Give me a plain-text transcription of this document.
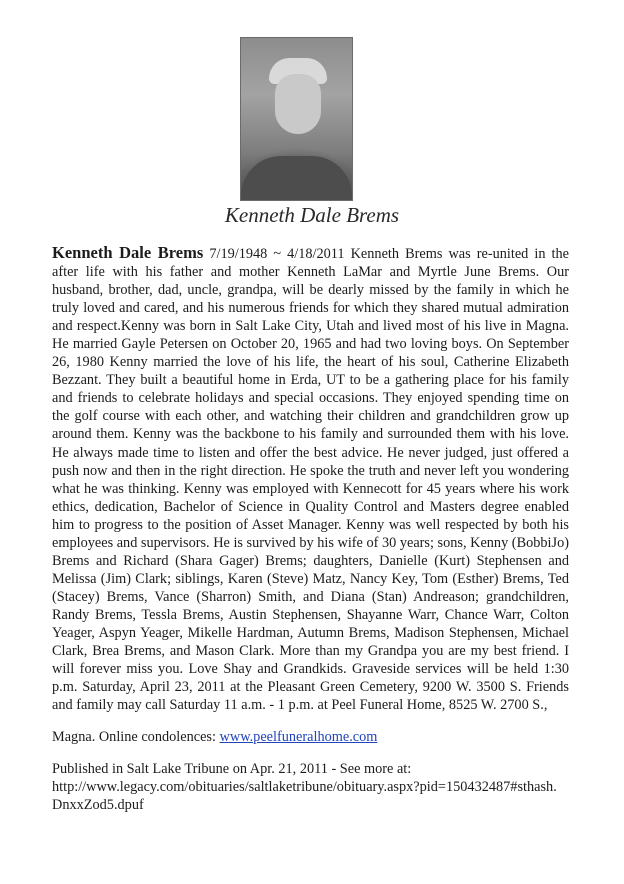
Kenneth Dale Brems
Kenneth Dale Brems 7/19/1948 ~ 4/18/2011 Kenneth Brems was re-united in the after life with his father and mother Kenneth LaMar and Myrtle June Brems. Our husband, brother, dad, uncle, grandpa, will be dearly missed by the family in which he truly loved and cared, and his numerous friends for which they shared mutual admiration and respect.Kenny was born in Salt Lake City, Utah and lived most of his live in Magna. He married Gayle Petersen on October 20, 1965 and had two loving boys. On September 26, 1980 Kenny married the love of his life, the heart of his soul, Catherine Elizabeth Bezzant. They built a beautiful home in Erda, UT to be a gathering place for his family and friends to celebrate holidays and special occasions. They enjoyed spending time on the golf course with each other, and watching their children and grandchildren grow up around them. Kenny was the backbone to his family and surrounded them with his love. He always made time to listen and offer the best advice. He never judged, just offered a push now and then in the right direction. He spoke the truth and never left you wondering what he was thinking. Kenny was employed with Kennecott for 45 years where his work ethics, dedication, Bachelor of Science in Quality Control and Masters degree enabled him to progress to the position of Asset Manager. Kenny was well respected by both his employees and supervisors. He is survived by his wife of 30 years; sons, Kenny (BobbiJo) Brems and Richard (Shara Gager) Brems; daughters, Danielle (Kurt) Stephensen and Melissa (Jim) Clark; siblings, Karen (Steve) Matz, Nancy Key, Tom (Esther) Brems, Ted (Stacey) Brems, Vance (Sharron) Smith, and Diana (Stan) Andreason; grandchildren, Randy Brems, Tessla Brems, Austin Stephensen, Shayanne Warr, Chance Warr, Colton Yeager, Aspyn Yeager, Mikelle Hardman, Autumn Brems, Madison Stephensen, Michael Clark, Brea Brems, and Mason Clark. More than my Grandpa you are my best friend. I will forever miss you. Love Shay and Grandkids. Graveside services will be held 1:30 p.m. Saturday, April 23, 2011 at the Pleasant Green Cemetery, 9200 W. 3500 S. Friends and family may call Saturday 11 a.m. - 1 p.m. at Peel Funeral Home, 8525 W. 2700 S.,
Magna. Online condolences: www.peelfuneralhome.com
Published in Salt Lake Tribune on Apr. 21, 2011 - See more at: http://www.legacy.com/obituaries/saltlaketribune/obituary.aspx?pid=150432487#sthash. DnxxZod5.dpuf
